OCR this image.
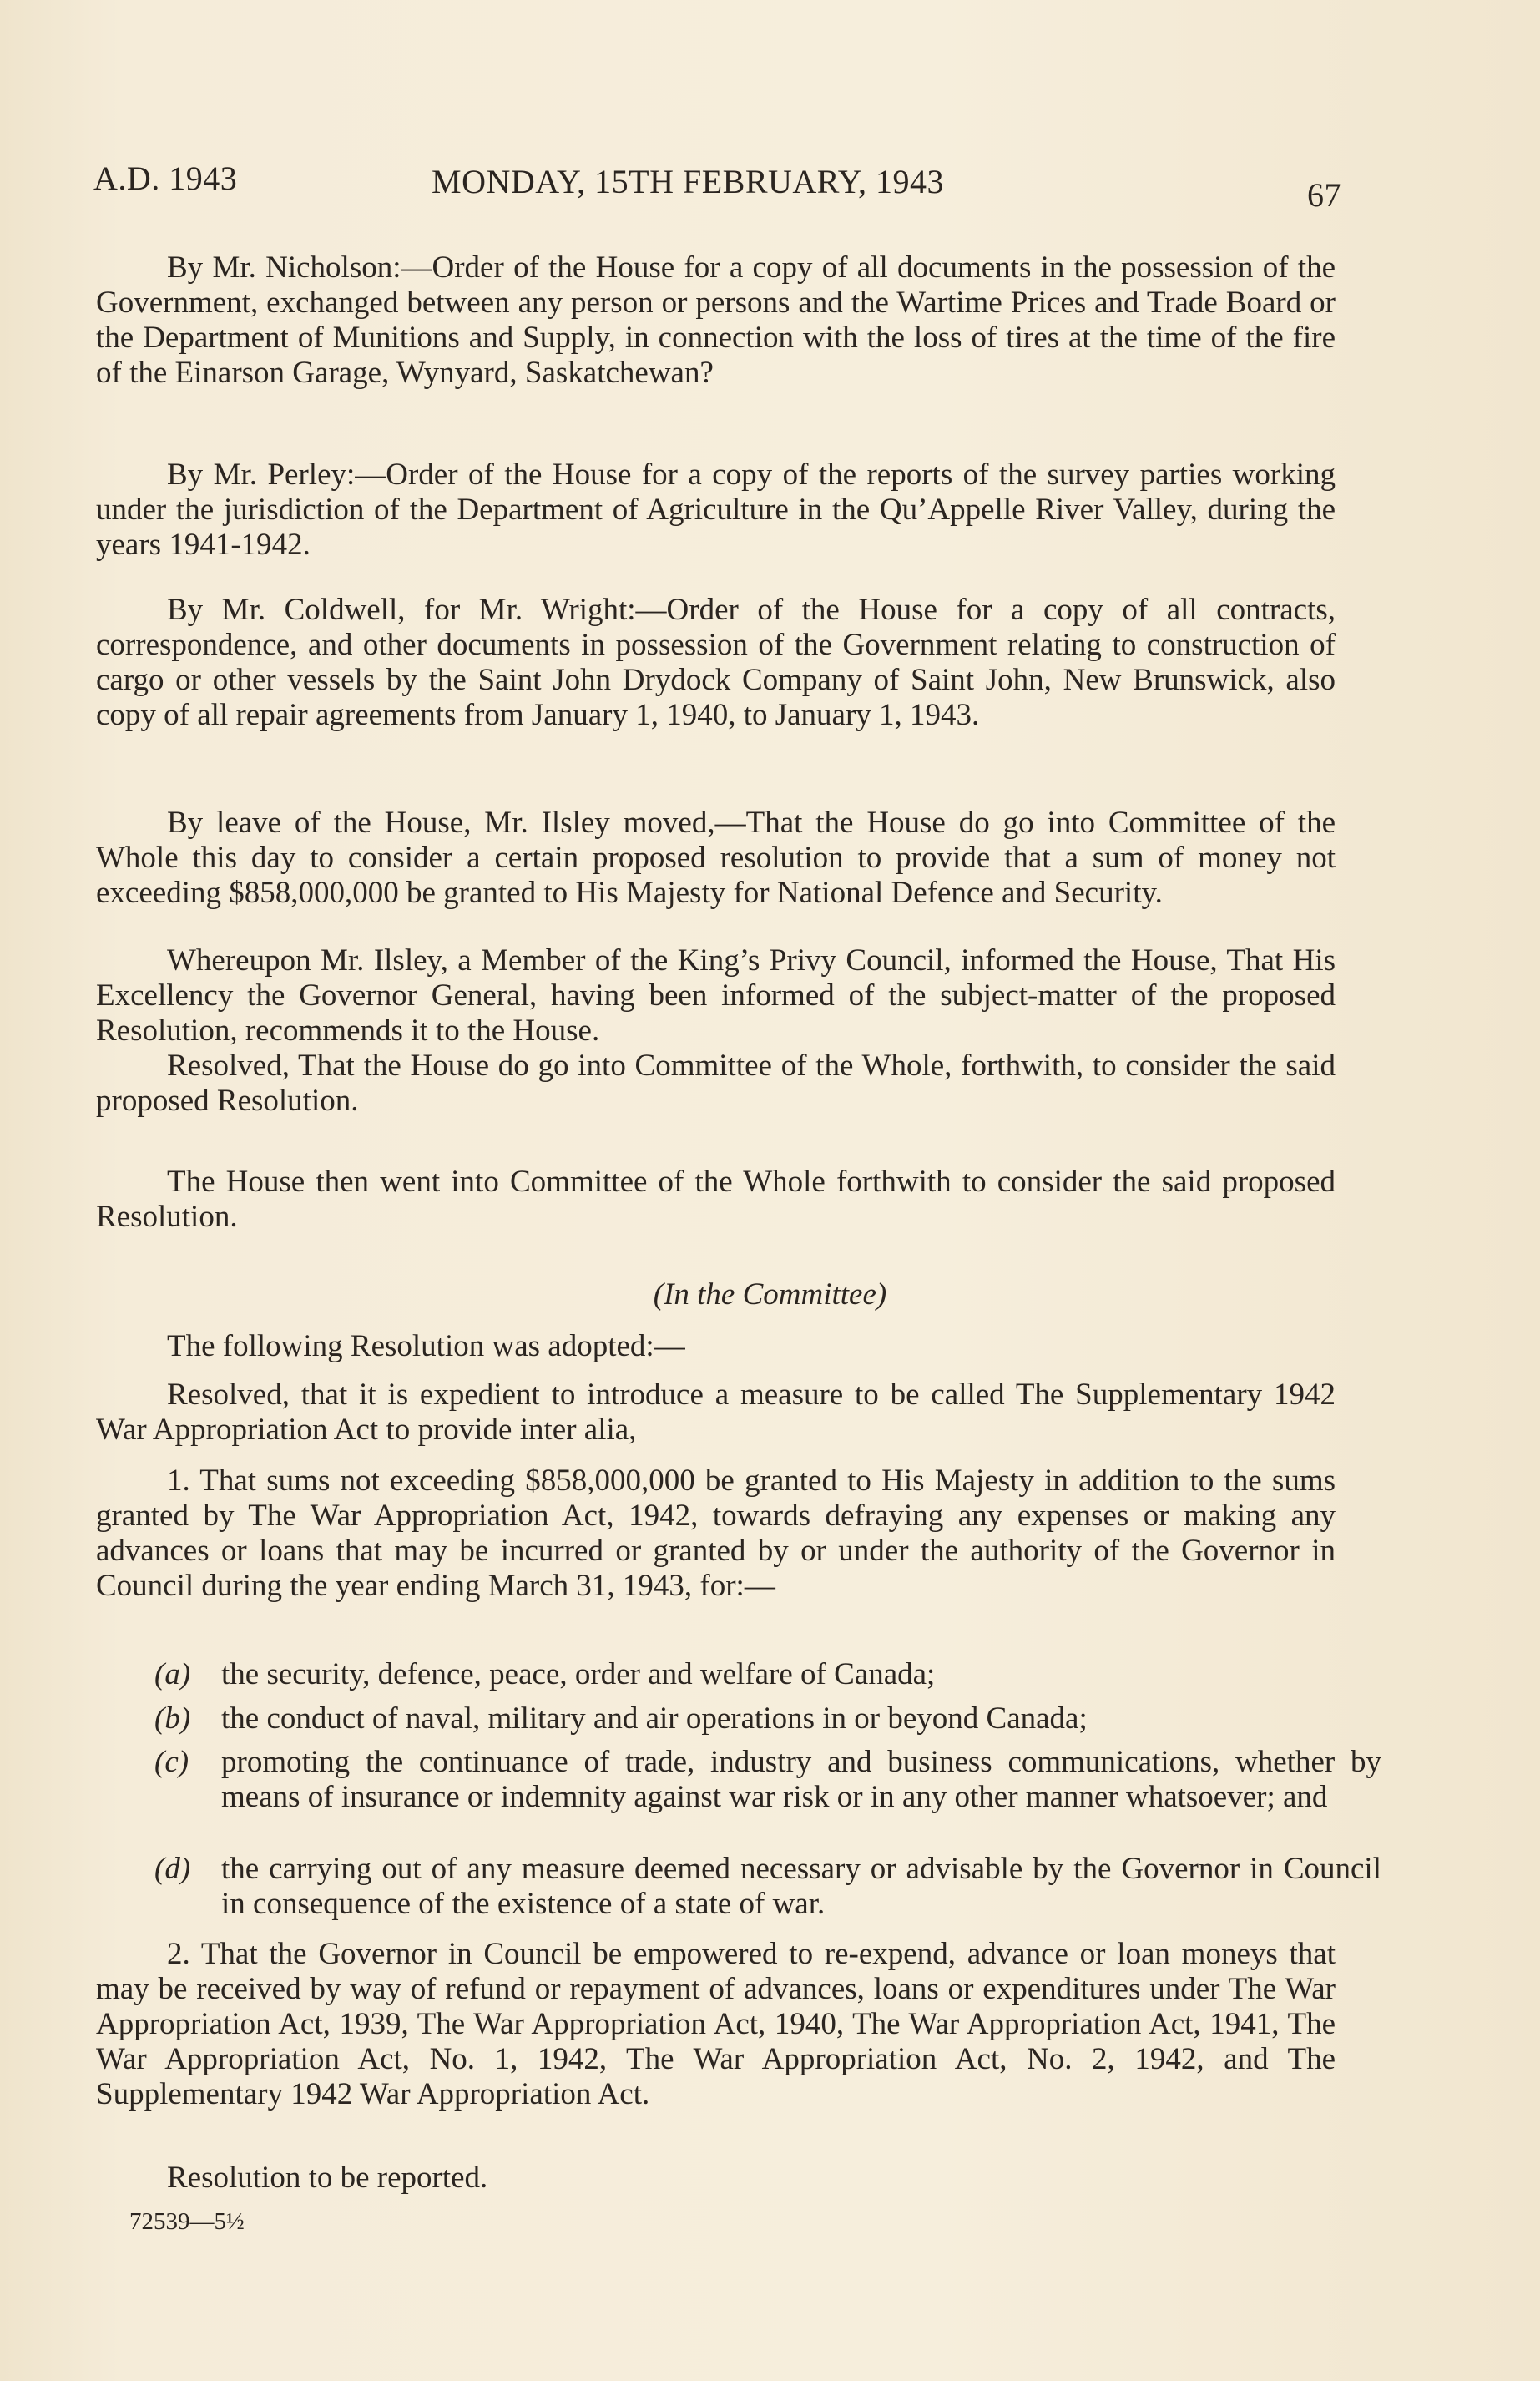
A.D. 1943	MONDAY, 15TH FEBRUARY, 1943	67
By Mr. Nicholson:—Order of the House for a copy of all documents in the possession of the Government, exchanged between any person or persons and the Wartime Prices and Trade Board or the Department of Munitions and Supply, in connection with the loss of tires at the time of the fire of the Einarson Garage, Wynyard, Saskatchewan?
By Mr. Perley:—Order of the House for a copy of the reports of the survey parties working under the jurisdiction of the Department of Agriculture in the Qu’Appelle River Valley, during the years 1941-1942.
By Mr. Coldwell, for Mr. Wright:—Order of the House for a copy of all contracts, correspondence, and other documents in possession of the Government relating to construction of cargo or other vessels by the Saint John Drydock Company of Saint John, New Brunswick, also copy of all repair agreements from January 1, 1940, to January 1, 1943.
By leave of the House, Mr. Ilsley moved,—That the House do go into Committee of the Whole this day to consider a certain proposed resolution to provide that a sum of money not exceeding $858,000,000 be granted to His Majesty for National Defence and Security.
Whereupon Mr. Ilsley, a Member of the King’s Privy Council, informed the House, That His Excellency the Governor General, having been informed of the subject-matter of the proposed Resolution, recommends it to the House.
Resolved, That the House do go into Committee of the Whole, forthwith, to consider the said proposed Resolution.
The House then went into Committee of the Whole forthwith to consider the said proposed Resolution.
(In the Committee)
The following Resolution was adopted:—
Resolved, that it is expedient to introduce a measure to be called The Supplementary 1942 War Appropriation Act to provide inter alia,
1. That sums not exceeding $858,000,000 be granted to His Majesty in addition to the sums granted by The War Appropriation Act, 1942, towards defraying any expenses or making any advances or loans that may be incurred or granted by or under the authority of the Governor in Council during the year ending March 31, 1943, for:—
(a) the security, defence, peace, order and welfare of Canada;
(b) the conduct of naval, military and air operations in or beyond Canada;
(c) promoting the continuance of trade, industry and business communications, whether by means of insurance or indemnity against war risk or in any other manner whatsoever; and
(d) the carrying out of any measure deemed necessary or advisable by the Governor in Council in consequence of the existence of a state of war.
2. That the Governor in Council be empowered to re-expend, advance or loan moneys that may be received by way of refund or repayment of advances, loans or expenditures under The War Appropriation Act, 1939, The War Appropriation Act, 1940, The War Appropriation Act, 1941, The War Appropriation Act, No. 1, 1942, The War Appropriation Act, No. 2, 1942, and The Supplementary 1942 War Appropriation Act.
Resolution to be reported.
72539—5½
